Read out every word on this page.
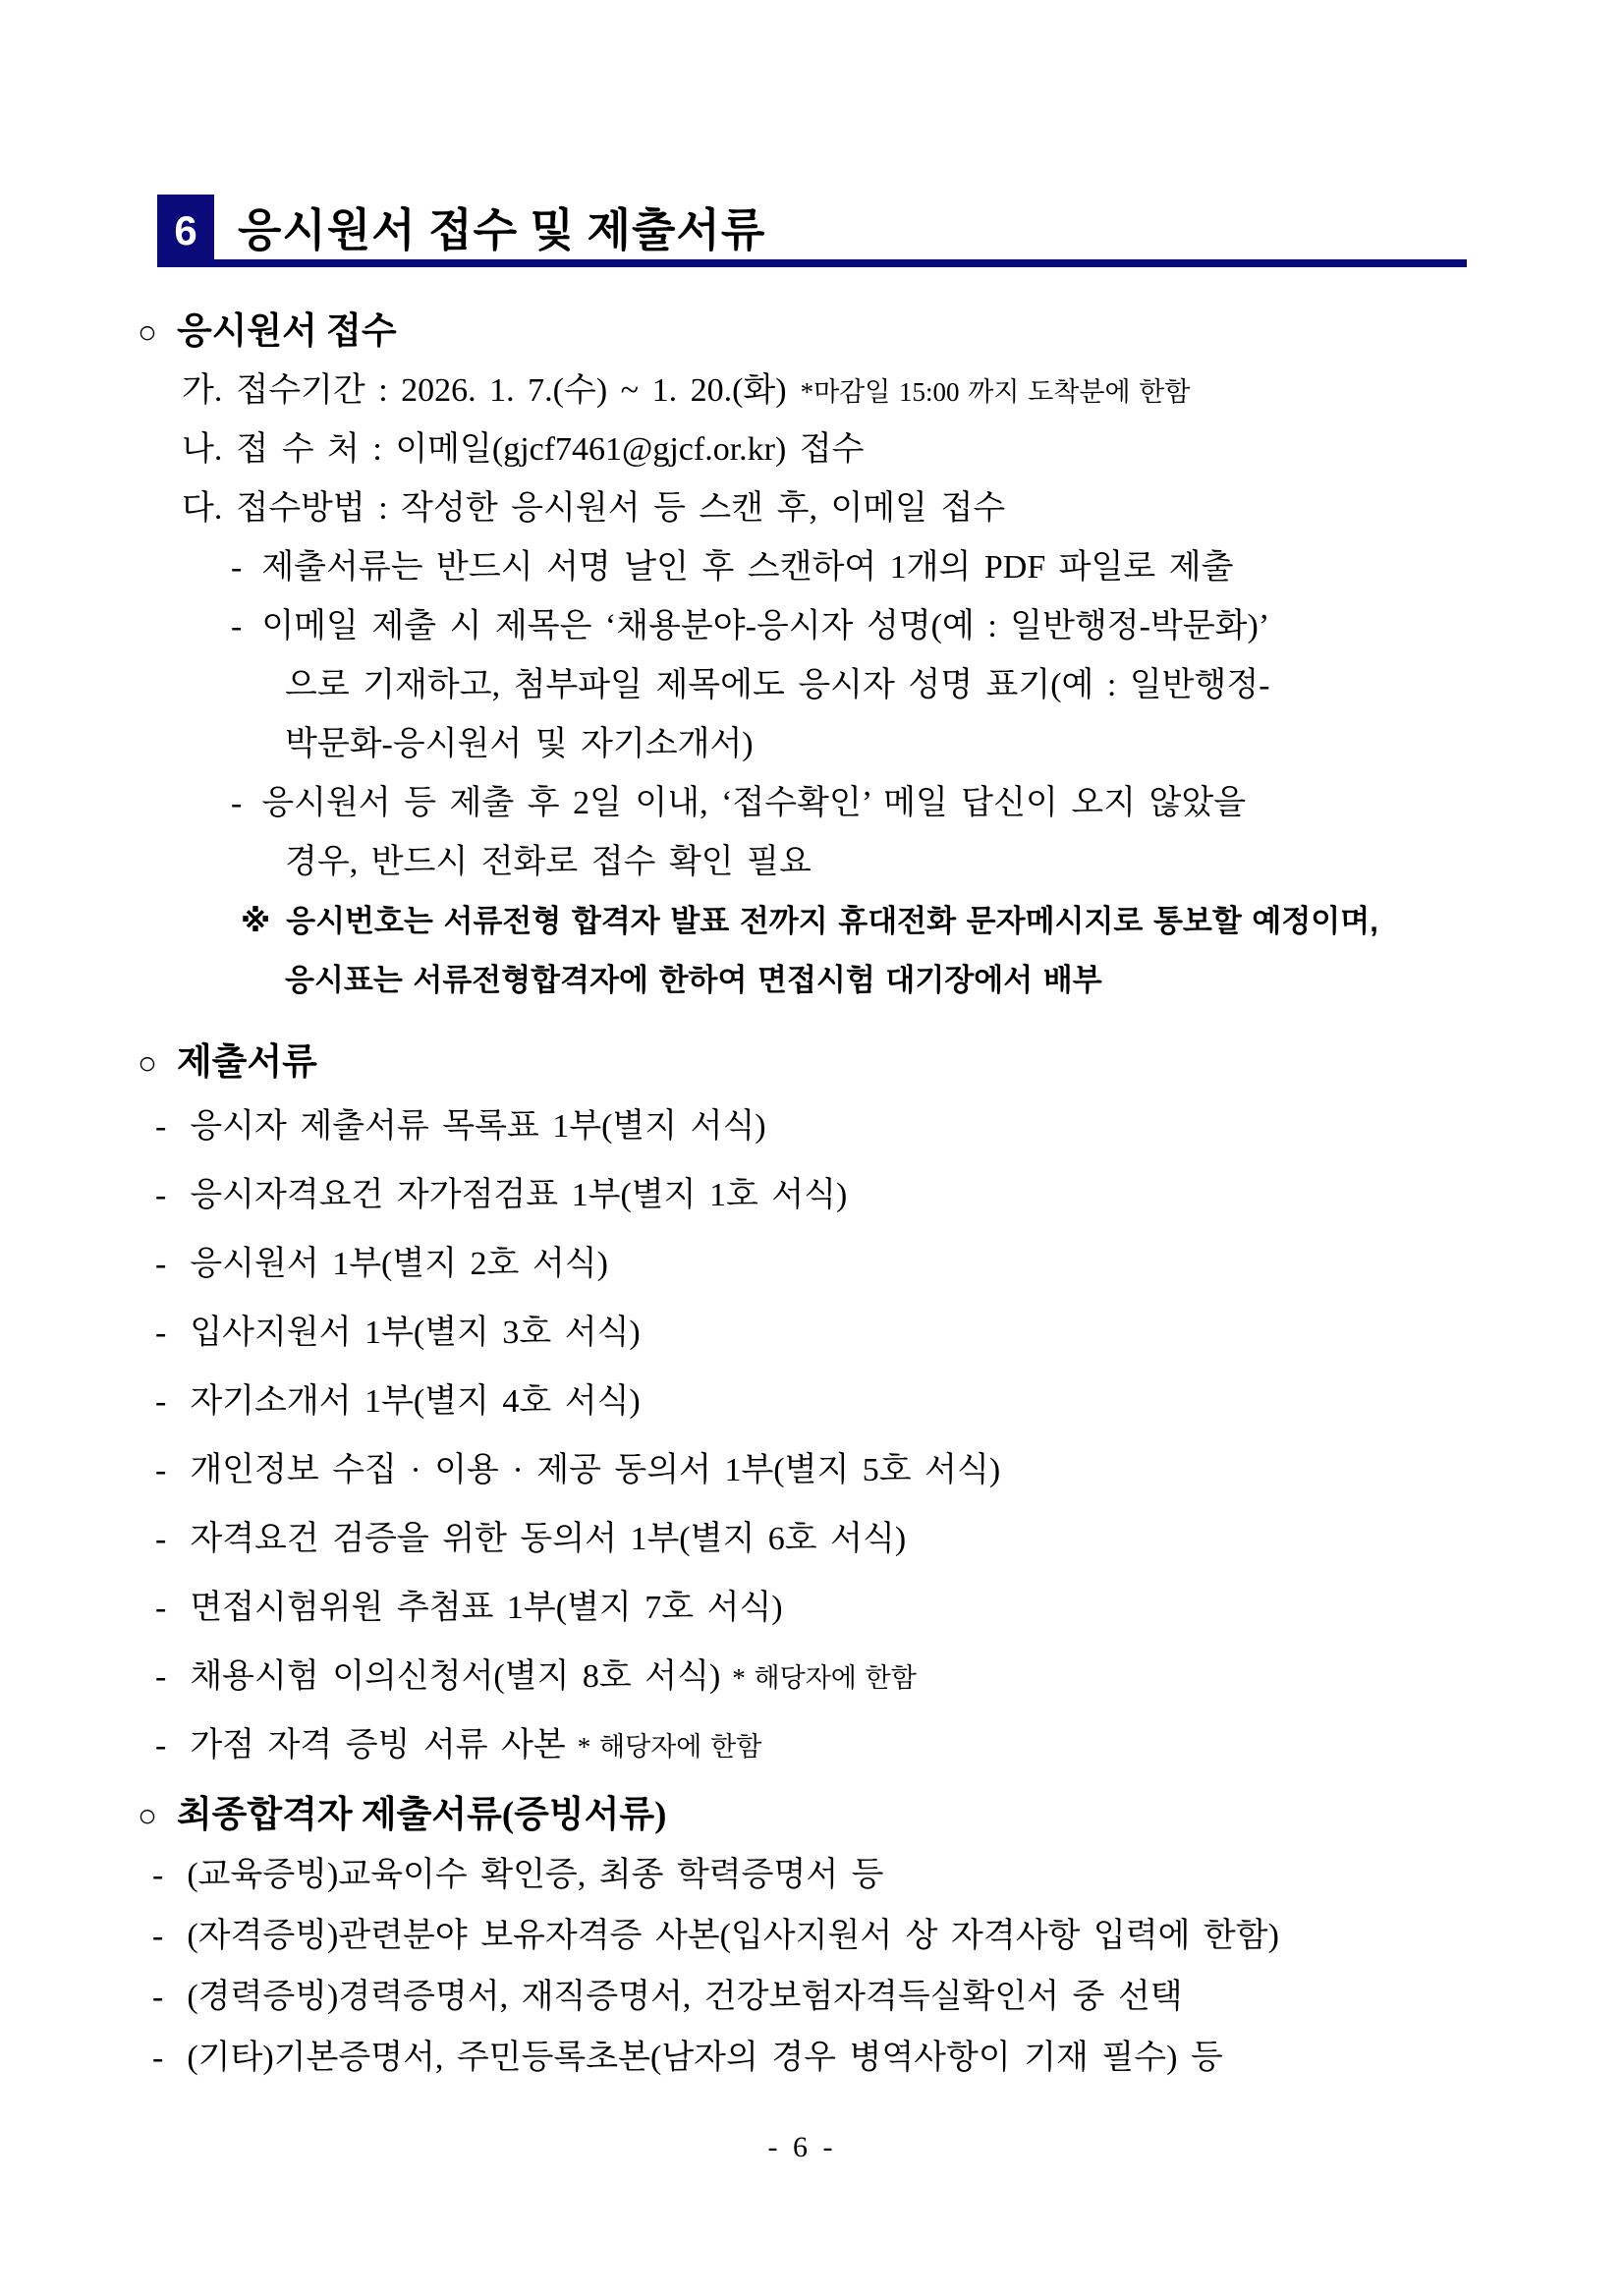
6 응시원서 접수 및 제출서류
○ 응시원서 접수
가. 접수기간 : 2026. 1. 7.(수) ~ 1. 20.(화) *마감일 15:00 까지 도착분에 한함
나. 접 수 처 : 이메일(gjcf7461@gjcf.or.kr) 접수
다. 접수방법 : 작성한 응시원서 등 스캔 후, 이메일 접수
- 제출서류는 반드시 서명 날인 후 스캔하여 1개의 PDF 파일로 제출
- 이메일 제출 시 제목은 ‘채용분야-응시자 성명(예 : 일반행정-박문화)’
으로 기재하고, 첨부파일 제목에도 응시자 성명 표기(예 : 일반행정-
박문화-응시원서 및 자기소개서)
- 응시원서 등 제출 후 2일 이내, ‘접수확인’ 메일 답신이 오지 않았을
경우, 반드시 전화로 접수 확인 필요
※ 응시번호는 서류전형 합격자 발표 전까지 휴대전화 문자메시지로 통보할 예정이며,
응시표는 서류전형합격자에 한하여 면접시험 대기장에서 배부
○ 제출서류
- 응시자 제출서류 목록표 1부(별지 서식)
- 응시자격요건 자가점검표 1부(별지 1호 서식)
- 응시원서 1부(별지 2호 서식)
- 입사지원서 1부(별지 3호 서식)
- 자기소개서 1부(별지 4호 서식)
- 개인정보 수집 · 이용 · 제공 동의서 1부(별지 5호 서식)
- 자격요건 검증을 위한 동의서 1부(별지 6호 서식)
- 면접시험위원 추첨표 1부(별지 7호 서식)
- 채용시험 이의신청서(별지 8호 서식) * 해당자에 한함
- 가점 자격 증빙 서류 사본 * 해당자에 한함
○ 최종합격자 제출서류(증빙서류)
- (교육증빙)교육이수 확인증, 최종 학력증명서 등
- (자격증빙)관련분야 보유자격증 사본(입사지원서 상 자격사항 입력에 한함)
- (경력증빙)경력증명서, 재직증명서, 건강보험자격득실확인서 중 선택
- (기타)기본증명서, 주민등록초본(남자의 경우 병역사항이 기재 필수) 등
- 6 -
